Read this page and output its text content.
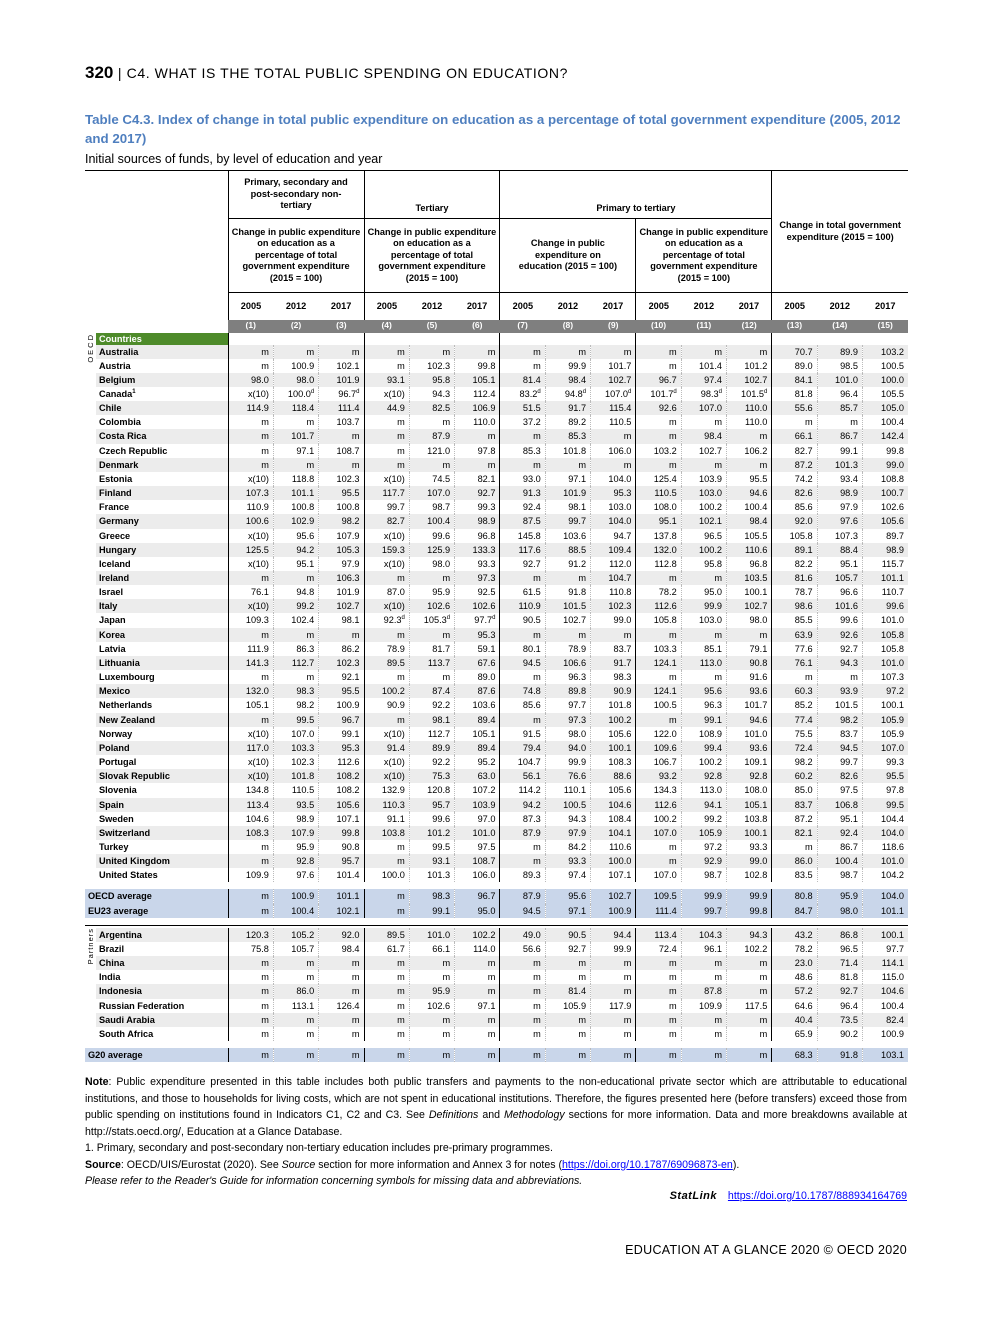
320 | C4. WHAT IS THE TOTAL PUBLIC SPENDING ON EDUCATION?
Table C4.3. Index of change in total public expenditure on education as a percentage of total government expenditure (2005, 2012 and 2017)
Initial sources of funds, by level of education and year
		Primary, secondary and post-secondary non-tertiary			Tertiary			Primary to tertiary						Change in total government expenditure (2015 = 100)		
		Change in public expenditure on education as a percentage of total government expenditure (2015 = 100)			Change in public expenditure on education as a percentage of total government expenditure (2015 = 100)			Change in public expenditure on education (2015 = 100)			Change in public expenditure on education as a percentage of total government expenditure (2015 = 100)					
		2005	2012	2017	2005	2012	2017	2005	2012	2017	2005	2012	2017	2005	2012	2017
		(1)	(2)	(3)	(4)	(5)	(6)	(7)	(8)	(9)	(10)	(11)	(12)	(13)	(14)	(15)

OECD	Countries															
	Australia	m	m	m	m	m	m	m	m	m	m	m	m	70.7	89.9	103.2
	Austria	m	100.9	102.1	m	102.3	99.8	m	99.9	101.7	m	101.4	101.2	89.0	98.5	100.5
	Belgium	98.0	98.0	101.9	93.1	95.8	105.1	81.4	98.4	102.7	96.7	97.4	102.7	84.1	101.0	100.0
	Canada$^1$	x(10)	100.0$^d$	96.7$^d$	x(10)	94.3	112.4	83.2$^d$	94.8$^d$	107.0$^d$	101.7$^d$	98.3$^d$	101.5$^d$	81.8	96.4	105.5
	Chile	114.9	118.4	111.4	44.9	82.5	106.9	51.5	91.7	115.4	92.6	107.0	110.0	55.6	85.7	105.0
	Colombia	m	m	103.7	m	m	110.0	37.2	89.2	110.5	m	m	110.0	m	m	100.4
	Costa Rica	m	101.7	m	m	87.9	m	m	85.3	m	m	98.4	m	66.1	86.7	142.4
	Czech Republic	m	97.1	108.7	m	121.0	97.8	85.3	101.8	106.0	103.2	102.7	106.2	82.7	99.1	99.8
	Denmark	m	m	m	m	m	m	m	m	m	m	m	m	87.2	101.3	99.0
	Estonia	x(10)	118.8	102.3	x(10)	74.5	82.1	93.0	97.1	104.0	125.4	103.9	95.5	74.2	93.4	108.8
	Finland	107.3	101.1	95.5	117.7	107.0	92.7	91.3	101.9	95.3	110.5	103.0	94.6	82.6	98.9	100.7
	France	110.9	100.8	100.8	99.7	98.7	99.3	92.4	98.1	103.0	108.0	100.2	100.4	85.6	97.9	102.6
	Germany	100.6	102.9	98.2	82.7	100.4	98.9	87.5	99.7	104.0	95.1	102.1	98.4	92.0	97.6	105.6
	Greece	x(10)	95.6	107.9	x(10)	99.6	96.8	145.8	103.6	94.7	137.8	96.5	105.5	105.8	107.3	89.7
	Hungary	125.5	94.2	105.3	159.3	125.9	133.3	117.6	88.5	109.4	132.0	100.2	110.6	89.1	88.4	98.9
	Iceland	x(10)	95.1	97.9	x(10)	98.0	93.3	92.7	91.2	112.0	112.8	95.8	96.8	82.2	95.1	115.7
	Ireland	m	m	106.3	m	m	97.3	m	m	104.7	m	m	103.5	81.6	105.7	101.1
	Israel	76.1	94.8	101.9	87.0	95.9	92.5	61.5	91.8	110.8	78.2	95.0	100.1	78.7	96.6	110.7
	Italy	x(10)	99.2	102.7	x(10)	102.6	102.6	110.9	101.5	102.3	112.6	99.9	102.7	98.6	101.6	99.6
	Japan	109.3	102.4	98.1	92.3$^d$	105.3$^d$	97.7$^d$	90.5	102.7	99.0	105.8	103.0	98.0	85.5	99.6	101.0
	Korea	m	m	m	m	m	95.3	m	m	m	m	m	m	63.9	92.6	105.8
	Latvia	111.9	86.3	86.2	78.9	81.7	59.1	80.1	78.9	83.7	103.3	85.1	79.1	77.6	92.7	105.8
	Lithuania	141.3	112.7	102.3	89.5	113.7	67.6	94.5	106.6	91.7	124.1	113.0	90.8	76.1	94.3	101.0
	Luxembourg	m	m	92.1	m	m	89.0	m	96.3	98.3	m	m	91.6	m	m	107.3
	Mexico	132.0	98.3	95.5	100.2	87.4	87.6	74.8	89.8	90.9	124.1	95.6	93.6	60.3	93.9	97.2
	Netherlands	105.1	98.2	100.9	90.9	92.2	103.6	85.6	97.7	101.8	100.5	96.3	101.7	85.2	101.5	100.1
	New Zealand	m	99.5	96.7	m	98.1	89.4	m	97.3	100.2	m	99.1	94.6	77.4	98.2	105.9
	Norway	x(10)	107.0	99.1	x(10)	112.7	105.1	91.5	98.0	105.6	122.0	108.9	101.0	75.5	83.7	105.9
	Poland	117.0	103.3	95.3	91.4	89.9	89.4	79.4	94.0	100.1	109.6	99.4	93.6	72.4	94.5	107.0
	Portugal	x(10)	102.3	112.6	x(10)	92.2	95.2	104.7	99.9	108.3	106.7	100.2	109.1	98.2	99.7	99.3
	Slovak Republic	x(10)	101.8	108.2	x(10)	75.3	63.0	56.1	76.6	88.6	93.2	92.8	92.8	60.2	82.6	95.5
	Slovenia	134.8	110.5	108.2	132.9	120.8	107.2	114.2	110.1	105.6	134.3	113.0	108.0	85.0	97.5	97.8
	Spain	113.4	93.5	105.6	110.3	95.7	103.9	94.2	100.5	104.6	112.6	94.1	105.1	83.7	106.8	99.5
	Sweden	104.6	98.9	107.1	91.1	99.6	97.0	87.3	94.3	108.4	100.2	99.2	103.8	87.2	95.1	104.4
	Switzerland	108.3	107.9	99.8	103.8	101.2	101.0	87.9	97.9	104.1	107.0	105.9	100.1	82.1	92.4	104.0
	Turkey	m	95.9	90.8	m	99.5	97.5	m	84.2	110.6	m	97.2	93.3	m	86.7	118.6
	United Kingdom	m	92.8	95.7	m	93.1	108.7	m	93.3	100.0	m	92.9	99.0	86.0	100.4	101.0
	United States	109.9	97.6	101.4	100.0	101.3	106.0	89.3	97.4	107.1	107.0	98.7	102.8	83.5	98.7	104.2

OECD average		m	100.9	101.1	m	98.3	96.7	87.9	95.6	102.7	109.5	99.9	99.9	80.8	95.9	104.0
EU23 average		m	100.4	102.1	m	99.1	95.0	94.5	97.1	100.9	111.4	99.7	99.8	84.7	98.0	101.1

Partners	Argentina	120.3	105.2	92.0	89.5	101.0	102.2	49.0	90.5	94.4	113.4	104.3	94.3	43.2	86.8	100.1
	Brazil	75.8	105.7	98.4	61.7	66.1	114.0	56.6	92.7	99.9	72.4	96.1	102.2	78.2	96.5	97.7
	China	m	m	m	m	m	m	m	m	m	m	m	m	23.0	71.4	114.1
	India	m	m	m	m	m	m	m	m	m	m	m	m	48.6	81.8	115.0
	Indonesia	m	86.0	m	m	95.9	m	m	81.4	m	m	87.8	m	57.2	92.7	104.6
	Russian Federation	m	113.1	126.4	m	102.6	97.1	m	105.9	117.9	m	109.9	117.5	64.6	96.4	100.4
	Saudi Arabia	m	m	m	m	m	m	m	m	m	m	m	m	40.4	73.5	82.4
	South Africa	m	m	m	m	m	m	m	m	m	m	m	m	65.9	90.2	100.9

G20 average		m	m	m	m	m	m	m	m	m	m	m	m	68.3	91.8	103.1
Note: Public expenditure presented in this table includes both public transfers and payments to the non-educational private sector which are attributable to educational institutions, and those to households for living costs, which are not spent in educational institutions. Therefore, the figures presented here (before transfers) exceed those from public spending on institutions found in Indicators C1, C2 and C3. See Definitions and Methodology sections for more information. Data and more breakdowns available at http://stats.oecd.org/, Education at a Glance Database.
1. Primary, secondary and post-secondary non-tertiary education includes pre-primary programmes.
Source: OECD/UIS/Eurostat (2020). See Source section for more information and Annex 3 for notes (https://doi.org/10.1787/69096873-en).
Please refer to the Reader's Guide for information concerning symbols for missing data and abbreviations.
StatLink https://doi.org/10.1787/888934164769
EDUCATION AT A GLANCE 2020 © OECD 2020
